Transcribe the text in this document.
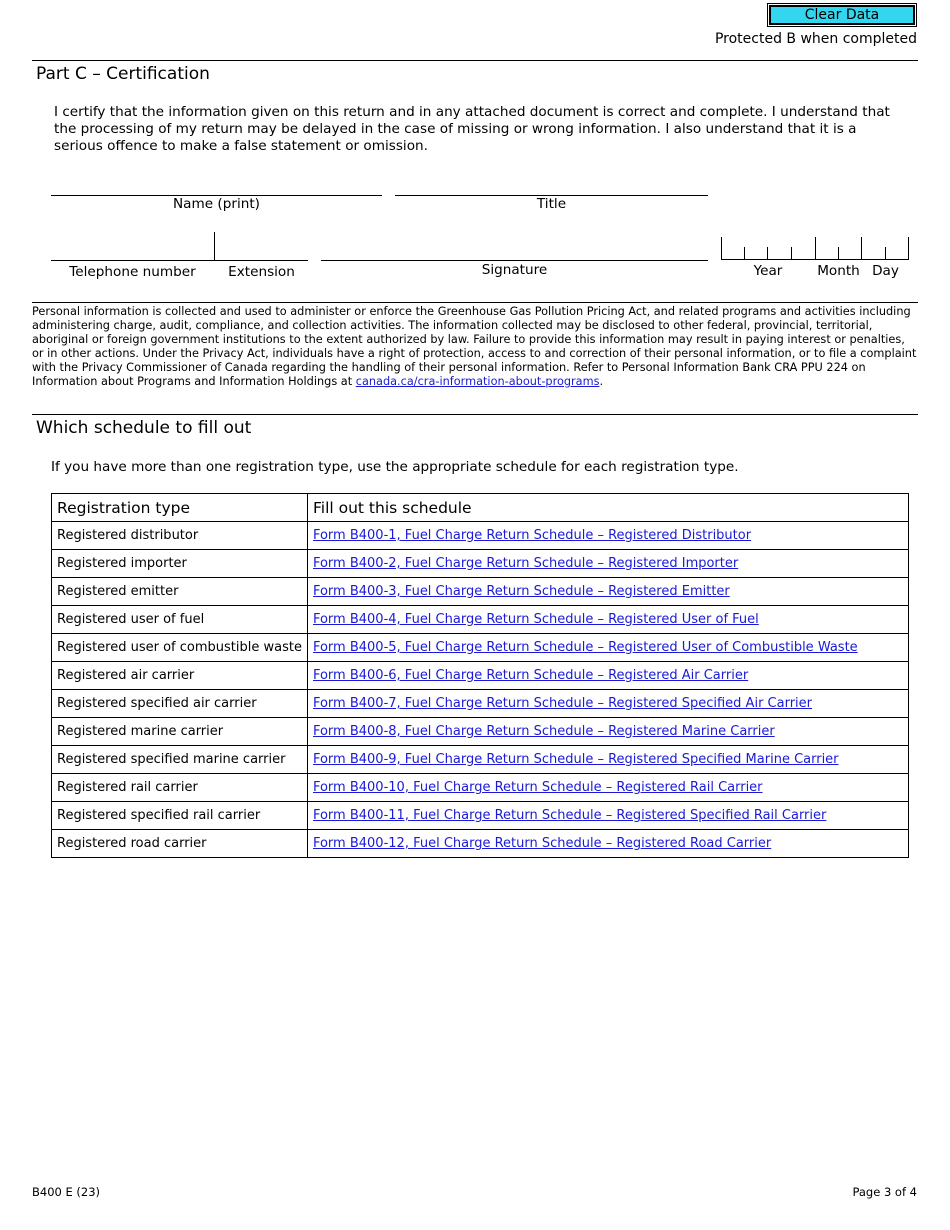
Clear Data
Protected B when completed
Part C – Certification
I certify that the information given on this return and in any attached document is correct and complete. I understand that the processing of my return may be delayed in the case of missing or wrong information. I also understand that it is a serious offence to make a false statement or omission.
Name (print)	Title
Telephone number	Extension	Signature	Year	Month Day
Personal information is collected and used to administer or enforce the Greenhouse Gas Pollution Pricing Act, and related programs and activities including administering charge, audit, compliance, and collection activities. The information collected may be disclosed to other federal, provincial, territorial, aboriginal or foreign government institutions to the extent authorized by law. Failure to provide this information may result in paying interest or penalties, or in other actions. Under the Privacy Act, individuals have a right of protection, access to and correction of their personal information, or to file a complaint with the Privacy Commissioner of Canada regarding the handling of their personal information. Refer to Personal Information Bank CRA PPU 224 on Information about Programs and Information Holdings at canada.ca/cra-information-about-programs.
Which schedule to fill out
If you have more than one registration type, use the appropriate schedule for each registration type.
Registration type	Fill out this schedule
Registered distributor	Form B400-1, Fuel Charge Return Schedule – Registered Distributor
Registered importer	Form B400-2, Fuel Charge Return Schedule – Registered Importer
Registered emitter	Form B400-3, Fuel Charge Return Schedule – Registered Emitter
Registered user of fuel	Form B400-4, Fuel Charge Return Schedule – Registered User of Fuel
Registered user of combustible waste	Form B400-5, Fuel Charge Return Schedule – Registered User of Combustible Waste
Registered air carrier	Form B400-6, Fuel Charge Return Schedule – Registered Air Carrier
Registered specified air carrier	Form B400-7, Fuel Charge Return Schedule – Registered Specified Air Carrier
Registered marine carrier	Form B400-8, Fuel Charge Return Schedule – Registered Marine Carrier
Registered specified marine carrier	Form B400-9, Fuel Charge Return Schedule – Registered Specified Marine Carrier
Registered rail carrier	Form B400-10, Fuel Charge Return Schedule – Registered Rail Carrier
Registered specified rail carrier	Form B400-11, Fuel Charge Return Schedule – Registered Specified Rail Carrier
Registered road carrier	Form B400-12, Fuel Charge Return Schedule – Registered Road Carrier
B400 E (23)	Page 3 of 4
